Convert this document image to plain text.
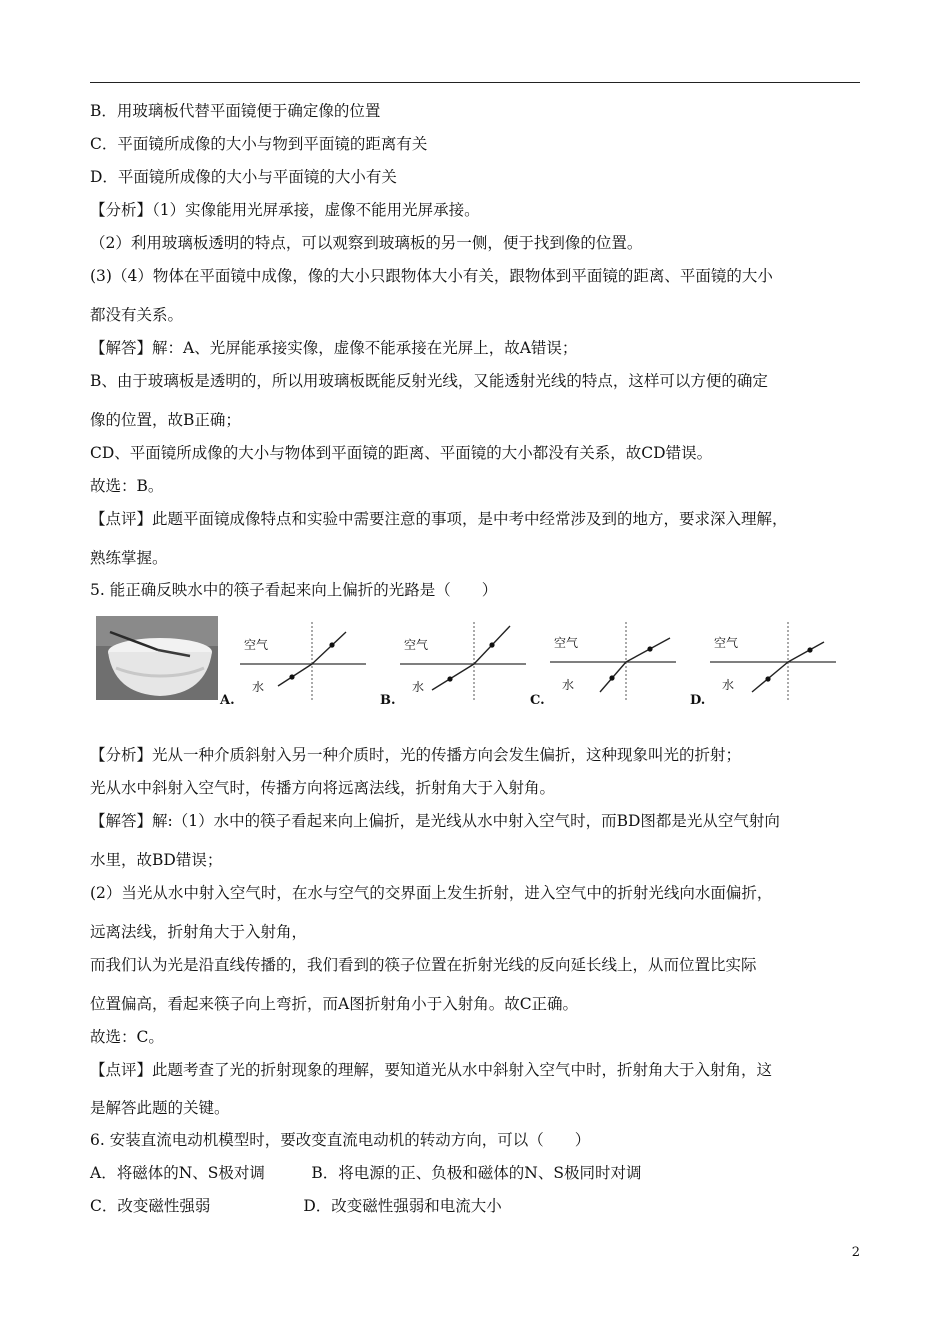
B．用玻璃板代替平面镜便于确定像的位置
C．平面镜所成像的大小与物到平面镜的距离有关
D．平面镜所成像的大小与平面镜的大小有关
【分析】（1）实像能用光屏承接，虚像不能用光屏承接。
（2）利用玻璃板透明的特点，可以观察到玻璃板的另一侧，便于找到像的位置。
(3)（4）物体在平面镜中成像，像的大小只跟物体大小有关，跟物体到平面镜的距离、平面镜的大小
都没有关系。
【解答】解：A、光屏能承接实像，虚像不能承接在光屏上，故A错误；
B、由于玻璃板是透明的，所以用玻璃板既能反射光线，又能透射光线的特点，这样可以方便的确定
像的位置，故B正确；
CD、平面镜所成像的大小与物体到平面镜的距离、平面镜的大小都没有关系，故CD错误。
故选：B。
【点评】此题平面镜成像特点和实验中需要注意的事项，是中考中经常涉及到的地方，要求深入理解，
熟练掌握。
5. 能正确反映水中的筷子看起来向上偏折的光路是（　　）
【分析】光从一种介质斜射入另一种介质时，光的传播方向会发生偏折，这种现象叫光的折射；
光从水中斜射入空气时，传播方向将远离法线，折射角大于入射角。
【解答】解:（1）水中的筷子看起来向上偏折，是光线从水中射入空气时，而BD图都是光从空气射向
水里，故BD错误；
(2）当光从水中射入空气时，在水与空气的交界面上发生折射，进入空气中的折射光线向水面偏折，
远离法线，折射角大于入射角，
而我们认为光是沿直线传播的，我们看到的筷子位置在折射光线的反向延长线上，从而位置比实际
位置偏高，看起来筷子向上弯折，而A图折射角小于入射角。故C正确。
故选：C。
【点评】此题考查了光的折射现象的理解，要知道光从水中斜射入空气中时，折射角大于入射角，这
是解答此题的关键。
6. 安装直流电动机模型时，要改变直流电动机的转动方向，可以（　　）
A．将磁体的N、S极对调　　　B．将电源的正、负极和磁体的N、S极同时对调
C．改变磁性强弱　　　　　　D．改变磁性强弱和电流大小
空气
水
A.
空气
水
B.
空气
水
C.
空气
水
D.
2
